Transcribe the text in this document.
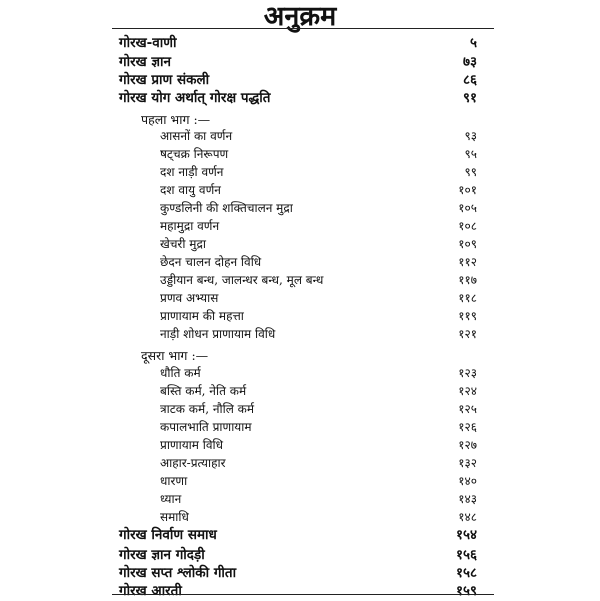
अनुक्रम
गोरख-वाणी	५
गोरख ज्ञान	७३
गोरख प्राण संकली	८६
गोरख योग अर्थात् गोरक्ष पद्धति	९१
पहला भाग :—
आसनों का वर्णन	९३
षट्चक्र निरूपण	९५
दश नाड़ी वर्णन	९९
दश वायु वर्णन	१०१
कुण्डलिनी की शक्तिचालन मुद्रा	१०५
महामुद्रा वर्णन	१०८
खेचरी मुद्रा	१०९
छेदन चालन दोहन विधि	११२
उड्डीयान बन्ध, जालन्धर बन्ध, मूल बन्ध	११७
प्रणव अभ्यास	११८
प्राणायाम की महत्ता	११९
नाड़ी शोधन प्राणायाम विधि	१२१
दूसरा भाग :—
धौति कर्म	१२३
बस्ति कर्म, नेति कर्म	१२४
त्राटक कर्म, नौलि कर्म	१२५
कपालभाति प्राणायाम	१२६
प्राणायाम विधि	१२७
आहार-प्रत्याहार	१३२
धारणा	१४०
ध्यान	१४३
समाधि	१४८
गोरख निर्वाण समाध	१५४
गोरख ज्ञान गोदड़ी	१५६
गोरख सप्त श्लोकी गीता	१५८
गोरख आरती	१५९
